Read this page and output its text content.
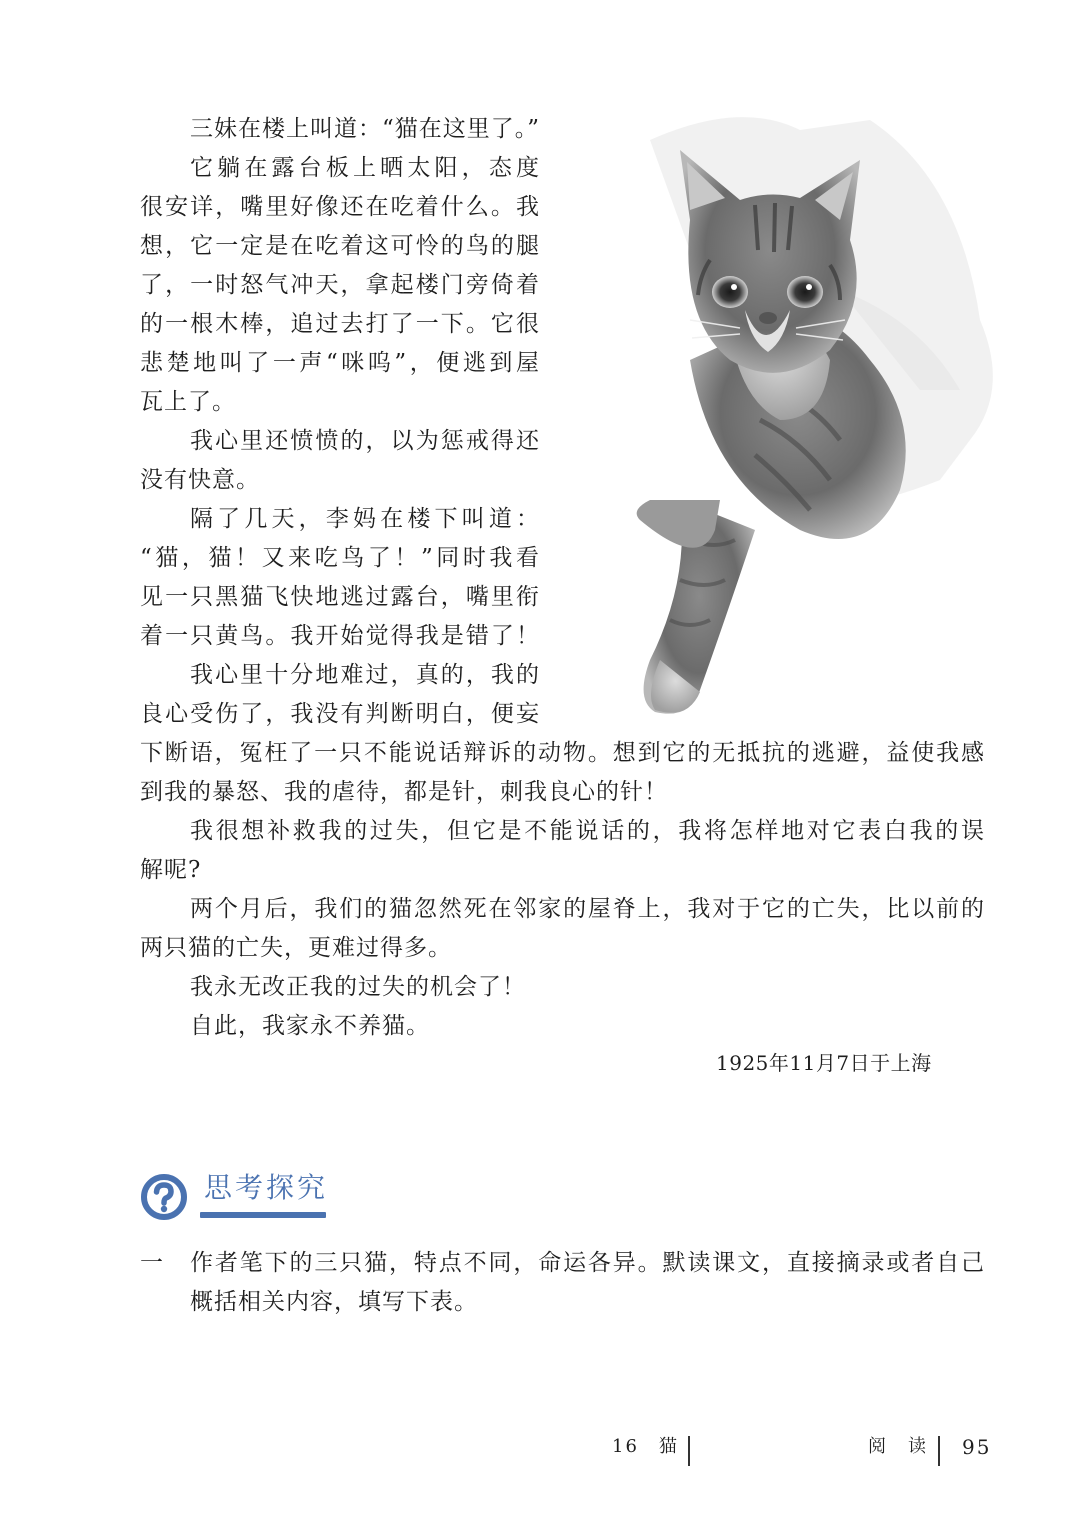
三妹在楼上叫道：“猫在这里了。”
它躺在露台板上晒太阳，态度
很安详，嘴里好像还在吃着什么。我
想，它一定是在吃着这可怜的鸟的腿
了，一时怒气冲天，拿起楼门旁倚着
的一根木棒，追过去打了一下。它很
悲楚地叫了一声“咪呜”，便逃到屋
瓦上了。
我心里还愤愤的，以为惩戒得还
没有快意。
隔了几天，李妈在楼下叫道：
“猫，猫！又来吃鸟了！”同时我看
见一只黑猫飞快地逃过露台，嘴里衔
着一只黄鸟。我开始觉得我是错了！
我心里十分地难过，真的，我的
良心受伤了，我没有判断明白，便妄
下断语，冤枉了一只不能说话辩诉的动物。想到它的无抵抗的逃避，益使我感
到我的暴怒、我的虐待，都是针，刺我良心的针！
我很想补救我的过失，但它是不能说话的，我将怎样地对它表白我的误
解呢?
两个月后，我们的猫忽然死在邻家的屋脊上，我对于它的亡失，比以前的
两只猫的亡失，更难过得多。
我永无改正我的过失的机会了！
自此，我家永不养猫。
1925年11月7日于上海
思考探究
一 作者笔下的三只猫，特点不同，命运各异。默读课文，直接摘录或者自己
概括相关内容，填写下表。
16　猫	阅　读 95
